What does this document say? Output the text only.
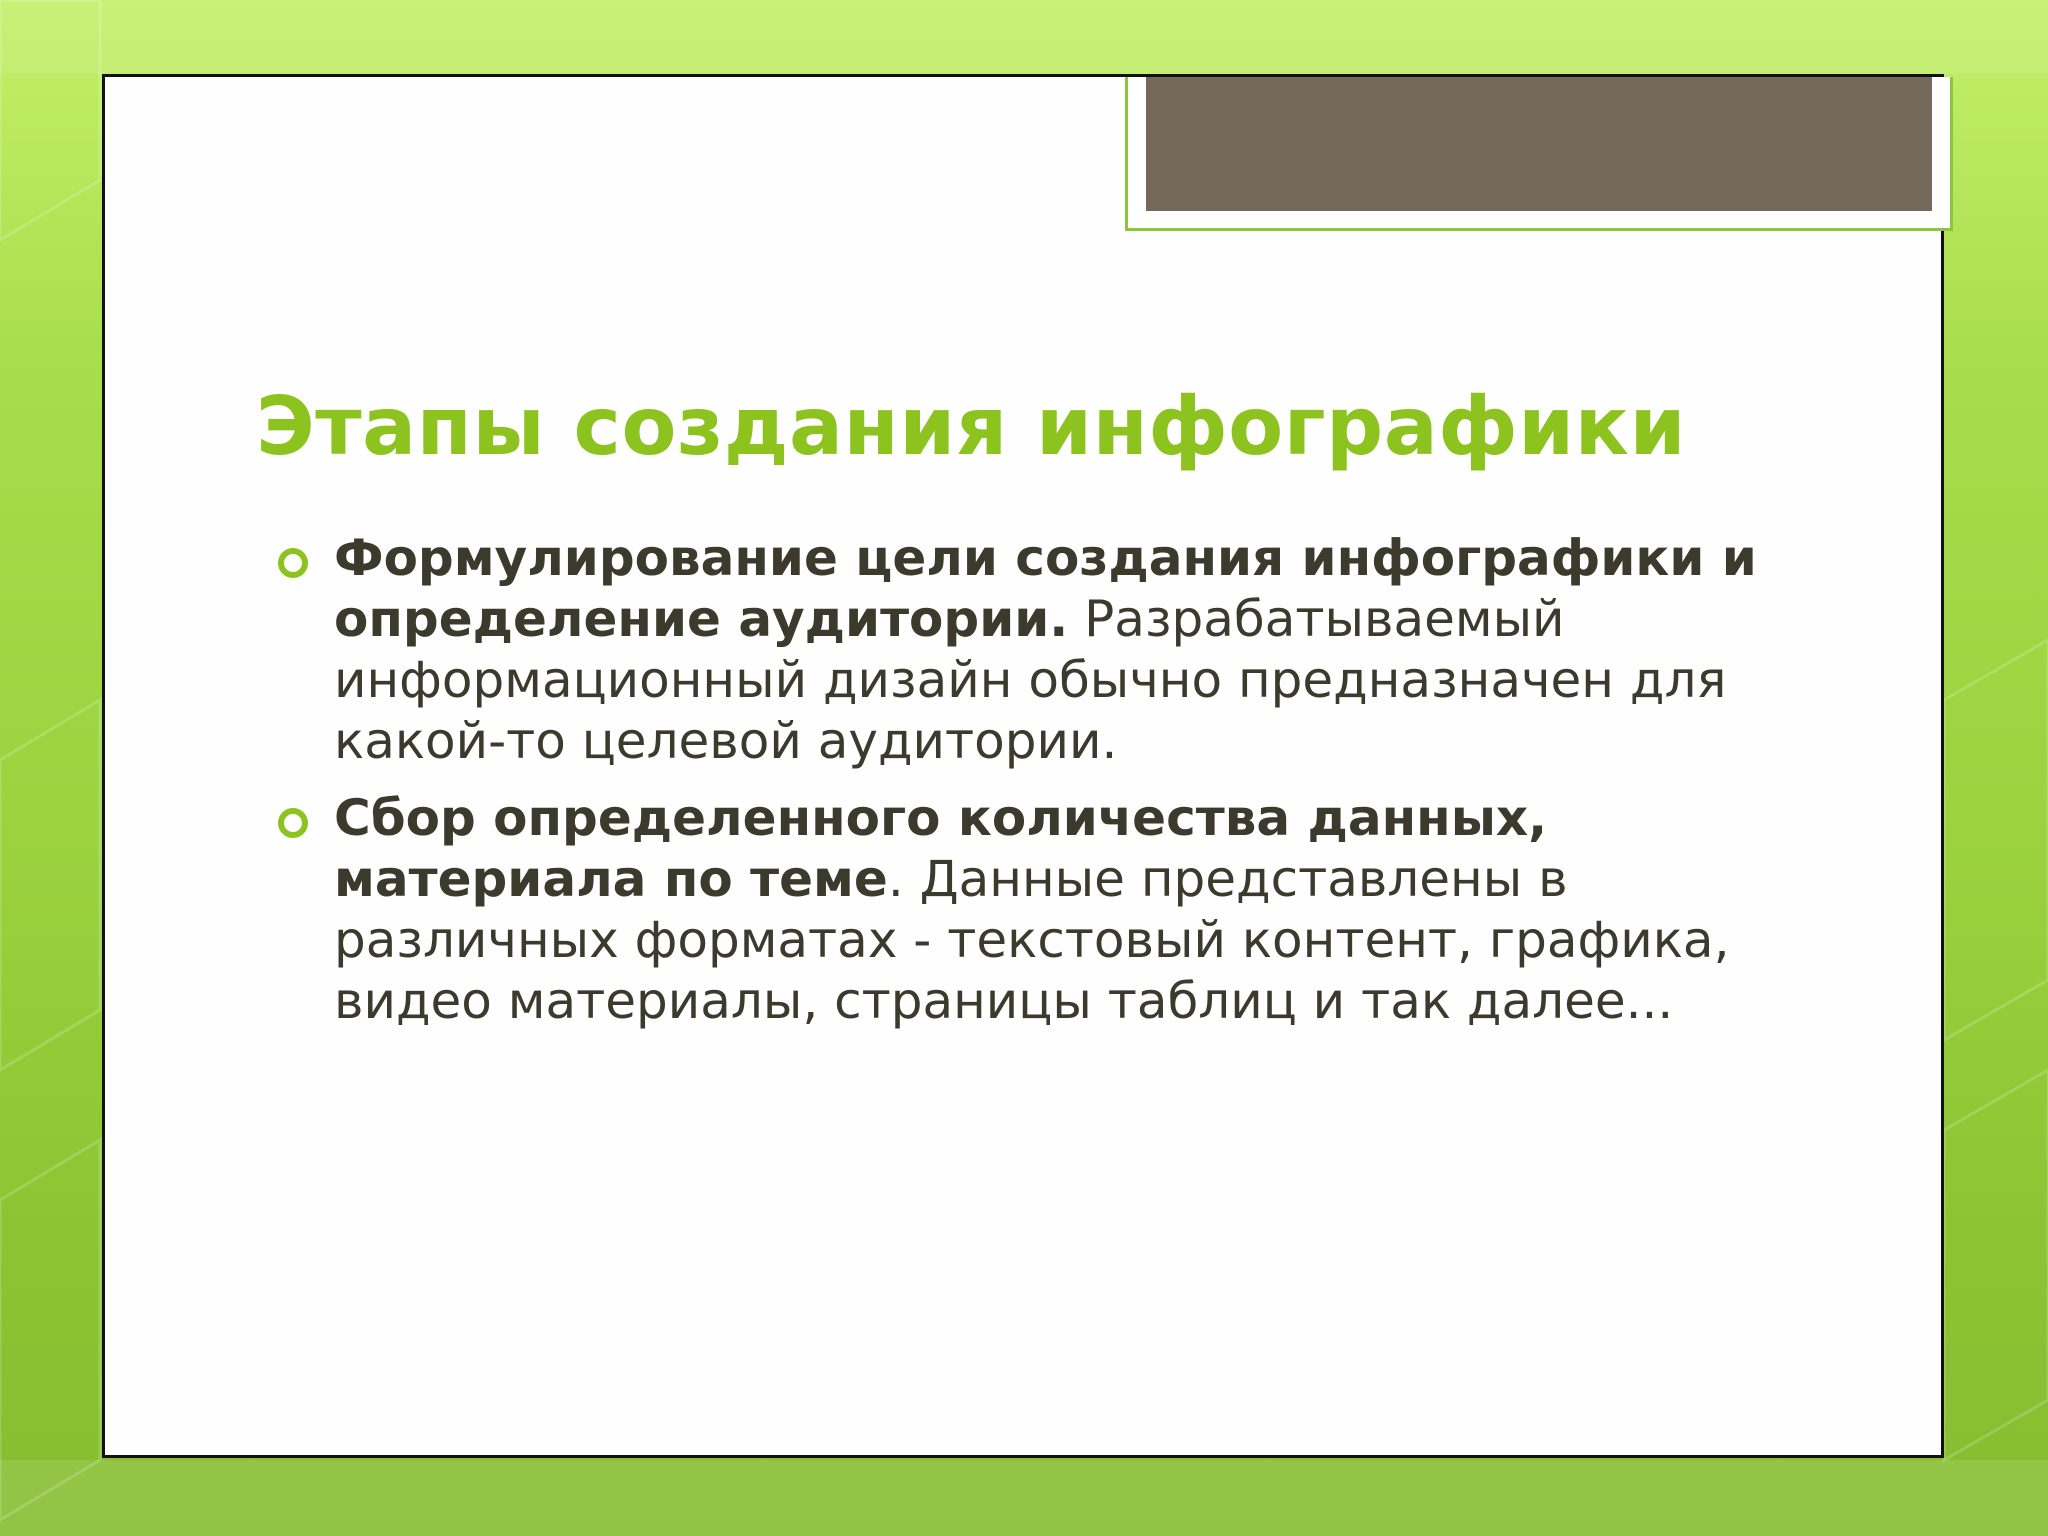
Этапы создания инфографики
Формулирование цели создания инфографики и определение аудитории. Разрабатываемый информационный дизайн обычно предназначен для какой-то целевой аудитории.
Сбор определенного количества данных, материала по теме. Данные представлены в различных форматах - текстовый контент, графика, видео материалы, страницы таблиц и так далее...
